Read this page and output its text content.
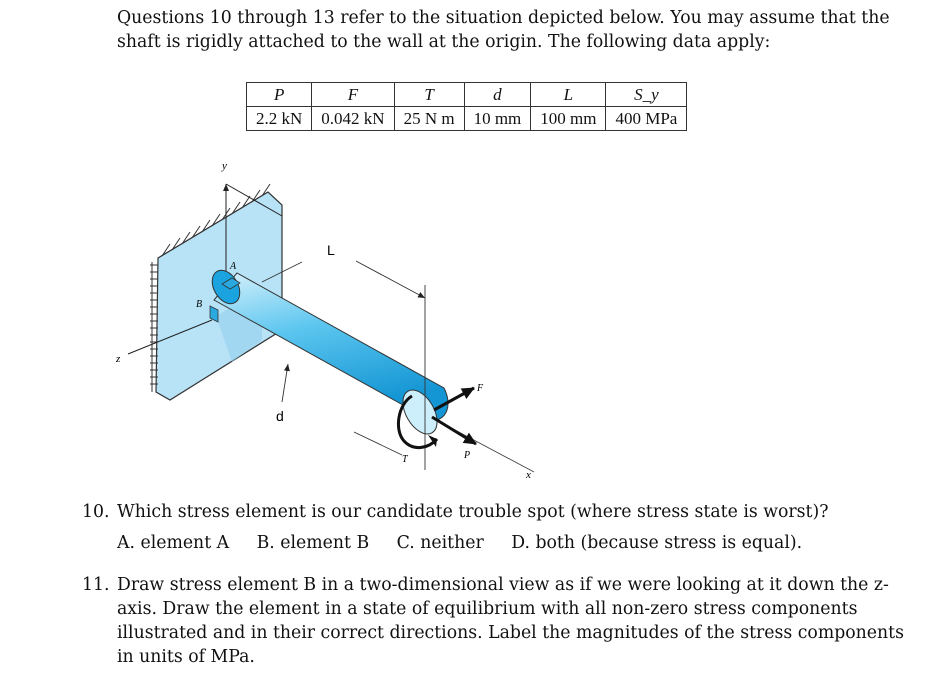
Questions 10 through 13 refer to the situation depicted below. You may assume that the shaft is rigidly attached to the wall at the origin. The following data apply:

P	F	T	d	L	S_y
2.2 kN	0.042 kN	25 N m	10 mm	100 mm	400 MPa
y
z
A
B
L
d
x
T	P
F
10. Which stress element is our candidate trouble spot (where stress state is worst)?
A. element A B. element B C. neither D. both (because stress is equal).
11. Draw stress element B in a two-dimensional view as if we were looking at it down the z-axis. Draw the element in a state of equilibrium with all non-zero stress components illustrated and in their correct directions. Label the magnitudes of the stress components in units of MPa.
